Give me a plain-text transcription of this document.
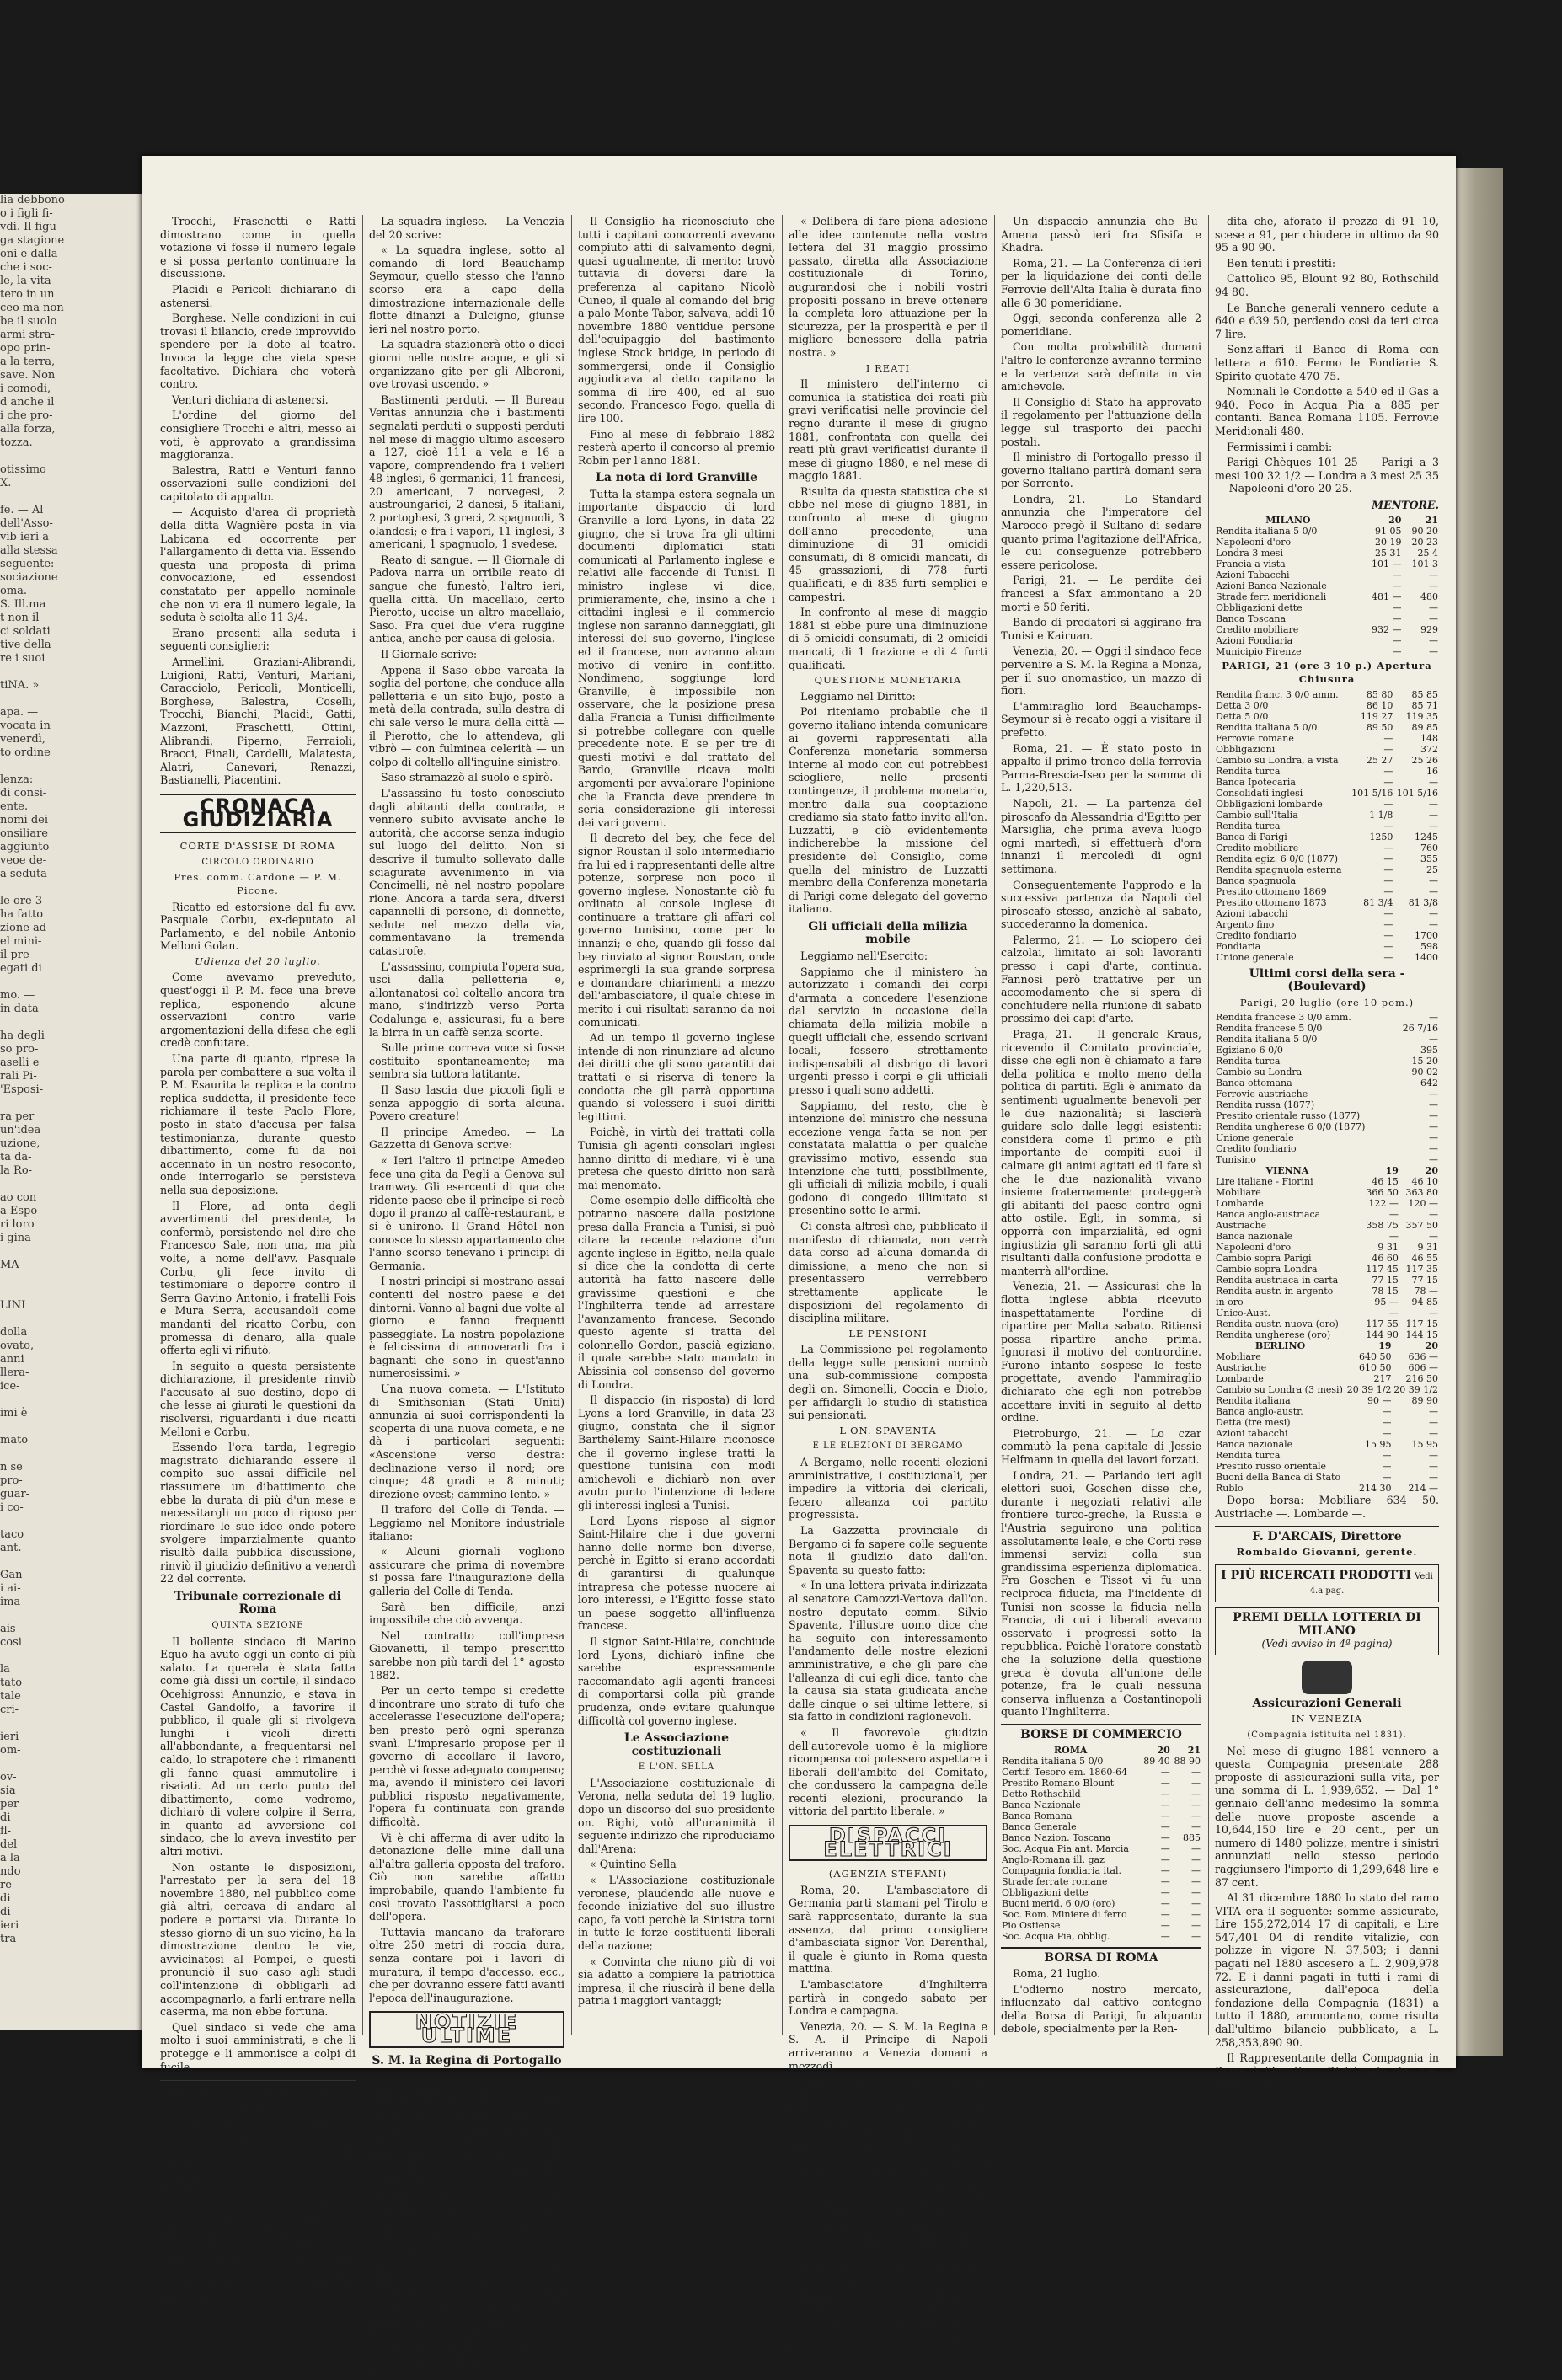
lia debbono

o i figli fi-

vdi. Il figu-

ga stagione

oni e dalla

che i soc-

le, la vita

tero in un

ceo ma non

be il suolo

armi stra-

opo prin-

a la terra,

save. Non

i comodi,

d anche il

i che pro-

alla forza,

tozza.

otissimo

X.

fe. — Al

dell'Asso-

vib ieri a

alla stessa

seguente:

sociazione

oma.

S. Ill.ma

t non il

ci soldati

tive della

re i suoi

tiNA. »

apa. —

vocata in

venerdì,

to ordine

lenza:

di consi-

ente.

nomi dei

onsiliare

aggiunto

veoe de-

a seduta

le ore 3

ha fatto

zione ad

el mini-

il pre-

egati di

mo. —

in data

ha degli

so pro-

aselli e

rali Pi-

'Esposi-

ra per

un'idea

uzione,

ta da-

la Ro-

ao con

a Espo-

ri loro

i gina-

MA

LINI

dolla

ovato,

anni

llera-

ice-

imi è

mato

n se

pro-

guar-

i co-

taco

ant.

Gan

i ai-

ima-

ais-

cosi

la

tato

tale

cri-

ieri

om-

ov-

sia

per

di

fl-

del

a la

ndo

re

di

di

ieri

tra

Trocchi, Fraschetti e Ratti dimostrano come in quella votazione vi fosse il numero legale e si possa pertanto continuare la discussione.

Placidi e Pericoli dichiarano di astenersi.

Borghese. Nelle condizioni in cui trovasi il bilancio, crede improvvido spendere per la dote al teatro. Invoca la legge che vieta spese facoltative. Dichiara che voterà contro.

Venturi dichiara di astenersi.

L'ordine del giorno del consigliere Trocchi e altri, messo ai voti, è approvato a grandissima maggioranza.

Balestra, Ratti e Venturi fanno osservazioni sulle condizioni del capitolato di appalto.

— Acquisto d'area di proprietà della ditta Wagnière posta in via Labicana ed occorrente per l'allargamento di detta via. Essendo questa una proposta di prima convocazione, ed essendosi constatato per appello nominale che non vi era il numero legale, la seduta è sciolta alle 11 3/4.

Erano presenti alla seduta i seguenti consiglieri:

Armellini, Graziani-Alibrandi, Luigioni, Ratti, Venturi, Mariani, Caracciolo, Pericoli, Monticelli, Borghese, Balestra, Coselli, Trocchi, Bianchi, Placidi, Gatti, Mazzoni, Fraschetti, Ottini, Alibrandi, Piperno, Ferraioli, Bracci, Finali, Cardelli, Malatesta, Alatri, Canevari, Renazzi, Bastianelli, Piacentini.

CRONACA GIUDIZIARIA
CORTE D'ASSISE DI ROMA
CIRCOLO ORDINARIO
Pres. comm. Cardone — P. M. Picone.

Ricatto ed estorsione dal fu avv. Pasquale Corbu, ex-deputato al Parlamento, e del nobile Antonio Melloni Golan.

Udienza del 20 luglio.

Come avevamo preveduto, quest'oggi il P. M. fece una breve replica, esponendo alcune osservazioni contro varie argomentazioni della difesa che egli credè confutare.

Una parte di quanto, riprese la parola per combattere a sua volta il P. M. Esaurita la replica e la contro replica suddetta, il presidente fece richiamare il teste Paolo Flore, posto in stato d'accusa per falsa testimonianza, durante questo dibattimento, come fu da noi accennato in un nostro resoconto, onde interrogarlo se persisteva nella sua deposizione.

Il Flore, ad onta degli avvertimenti del presidente, la confermò, persistendo nel dire che Francesco Sale, non una, ma più volte, a nome dell'avv. Pasquale Corbu, gli fece invito di testimoniare o deporre contro il Serra Gavino Antonio, i fratelli Fois e Mura Serra, accusandoli come mandanti del ricatto Corbu, con promessa di denaro, alla quale offerta egli vi rifiutò.

In seguito a questa persistente dichiarazione, il presidente rinviò l'accusato al suo destino, dopo di che lesse ai giurati le questioni da risolversi, riguardanti i due ricatti Melloni e Corbu.

Essendo l'ora tarda, l'egregio magistrato dichiarando essere il compito suo assai difficile nel riassumere un dibattimento che ebbe la durata di più d'un mese e necessitargli un poco di riposo per riordinare le sue idee onde potere svolgere imparzialmente quanto risultò dalla pubblica discussione, rinviò il giudizio definitivo a venerdì 22 del corrente.

Tribunale correzionale di Roma
QUINTA SEZIONE

Il bollente sindaco di Marino Equo ha avuto oggi un conto di più salato. La querela è stata fatta come già dissi un cortile, il sindaco Ocehigrossi Annunzio, e stava in Castel Gandolfo, a favorire il pubblico, il quale gli si rivolgeva lunghi i vicoli diretti all'abbondante, a frequentarsi nel caldo, lo strapotere che i rimanenti gli fanno quasi ammutolire i risaiati. Ad un certo punto del dibattimento, come vedremo, dichiarò di volere colpire il Serra, in quanto ad avversione col sindaco, che lo aveva investito per altri motivi.

Non ostante le disposizioni, l'arrestato per la sera del 18 novembre 1880, nel pubblico come già altri, cercava di andare al podere e portarsi via. Durante lo stesso giorno di un suo vicino, ha la dimostrazione dentro le vie, avvicinatosi al Pompei, e questi pronunciò il suo caso agli studi coll'intenzione di obbligarli ad accompagnarlo, a farli entrare nella caserma, ma non ebbe fortuna.

Quel sindaco si vede che ama molto i suoi amministrati, e che li protegge e li ammonisce a colpi di fucile.

NOTIZIE INTERNE E FATTI VARI

Giunta e prefetto. — Nel Pungolo di Napoli leggiamo:

« Ci mandano da Girgenti una notizia, che, se non ci venisse da sicura fonte, crederemmo una poco spiritosa invenzione.

Ci assicurano che quella Giunta municipale abbia spedito un ricorso al ministro per ottenere che sia traslocato sollecitamente il prefetto della provincia, senatore G. Tamajo, che essa Giunta dichiara incompatibile coi sentimenti del suoi amministrati.

La squadra inglese. — La Venezia del 20 scrive:

« La squadra inglese, sotto al comando di lord Beauchamp Seymour, quello stesso che l'anno scorso era a capo della dimostrazione internazionale delle flotte dinanzi a Dulcigno, giunse ieri nel nostro porto.

La squadra stazionerà otto o dieci giorni nelle nostre acque, e gli si organizzano gite per gli Alberoni, ove trovasi uscendo. »

Bastimenti perduti. — Il Bureau Veritas annunzia che i bastimenti segnalati perduti o supposti perduti nel mese di maggio ultimo ascesero a 127, cioè 111 a vela e 16 a vapore, comprendendo fra i velieri 48 inglesi, 6 germanici, 11 francesi, 20 americani, 7 norvegesi, 2 austroungarici, 2 danesi, 5 italiani, 2 portoghesi, 3 greci, 2 spagnuoli, 3 olandesi; e fra i vapori, 11 inglesi, 3 americani, 1 spagnuolo, 1 svedese.

Reato di sangue. — Il Giornale di Padova narra un orribile reato di sangue che funestò, l'altro ieri, quella città. Un macellaio, certo Pierotto, uccise un altro macellaio, Saso. Fra quei due v'era ruggine antica, anche per causa di gelosia.

Il Giornale scrive:

Appena il Saso ebbe varcata la soglia del portone, che conduce alla pelletteria e un sito bujo, posto a metà della contrada, sulla destra di chi sale verso le mura della città — il Pierotto, che lo attendeva, gli vibrò — con fulminea celerità — un colpo di coltello all'inguine sinistro.

Saso stramazzò al suolo e spirò.

L'assassino fu tosto conosciuto dagli abitanti della contrada, e vennero subito avvisate anche le autorità, che accorse senza indugio sul luogo del delitto. Non si descrive il tumulto sollevato dalle sciagurate avvenimento in via Concimelli, nè nel nostro popolare rione. Ancora a tarda sera, diversi capannelli di persone, di donnette, sedute nel mezzo della via, commentavano la tremenda catastrofe.

L'assassino, compiuta l'opera sua, uscì dalla pelletteria e, allontanatosi col coltello ancora tra mano, s'indirizzò verso Porta Codalunga e, assicurasi, fu a bere la birra in un caffè senza scorte.

Sulle prime correva voce si fosse costituito spontaneamente; ma sembra sia tuttora latitante.

Il Saso lascia due piccoli figli e senza appoggio di sorta alcuna. Povero creature!

Il principe Amedeo. — La Gazzetta di Genova scrive:

« Ieri l'altro il principe Amedeo fece una gita da Pegli a Genova sul tramway. Gli esercenti di qua che ridente paese ebe il principe si recò dopo il pranzo al caffè-restaurant, e si è unirono. Il Grand Hôtel non conosce lo stesso appartamento che l'anno scorso tenevano i principi di Germania.

I nostri principi si mostrano assai contenti del nostro paese e dei dintorni. Vanno al bagni due volte al giorno e fanno frequenti passeggiate. La nostra popolazione è felicissima di annoverarli fra i bagnanti che sono in quest'anno numerosissimi. »

Una nuova cometa. — L'Istituto di Smithsonian (Stati Uniti) annunzia ai suoi corrispondenti la scoperta di una nuova cometa, e ne dà i particolari seguenti: «Ascensione verso destra: declinazione verso il nord; ore cinque; 48 gradi e 8 minuti; direzione ovest; cammino lento. »

Il traforo del Colle di Tenda. — Leggiamo nel Monitore industriale italiano:

« Alcuni giornali vogliono assicurare che prima di novembre si possa fare l'inaugurazione della galleria del Colle di Tenda.

Sarà ben difficile, anzi impossibile che ciò avvenga.

Nel contratto coll'impresa Giovanetti, il tempo prescritto sarebbe non più tardi del 1° agosto 1882.

Per un certo tempo si credette d'incontrare uno strato di tufo che accelerasse l'esecuzione dell'opera; ben presto però ogni speranza svanì. L'impresario propose per il governo di accollare il lavoro, perchè vi fosse adeguato compenso; ma, avendo il ministero dei lavori pubblici risposto negativamente, l'opera fu continuata con grande difficoltà.

Vi è chi afferma di aver udito la detonazione delle mine dall'una all'altra galleria opposta del traforo. Ciò non sarebbe affatto improbabile, quando l'ambiente fu così trovato l'assottigliarsi a poco dell'opera.

Tuttavia mancano da traforare oltre 250 metri di roccia dura, senza contare poi i lavori di muratura, il tempo d'accesso, ecc., che per dovranno essere fatti avanti l'epoca dell'inaugurazione.

NOTIZIE ULTIME
S. M. la Regina di Portogallo

Con vivissima soddisfazione riproduciamo dai dispacci dell'Agenzia Stefani la seguente comunicazione, la quale smentisce le dicerie propagate da giornali stranieri e raccolte anche da una parte della stampa italiana circa la salute di S. M. la Regina Maria Pia, sorella del Re nostro:

Parigi, 21. — La legazione portoghese smentisce la notizia diffusa dal Figaro, della malattia di S. M. la Regina di Portogallo.

SOCCORSO AI NAUFRAGHI

Il Consiglio d'amministrazione della Società italiana per soccorso ai naufraghi nella sua seduta del 29 giugno p. p. ha deliberato di ammettere agli esami dei vari articoli, che dovranno concorrere al premio Robin 1880, come da notificazione del 20 marzo detto anno.

Il Consiglio ha riconosciuto che tutti i capitani concorrenti avevano compiuto atti di salvamento degni, quasi ugualmente, di merito: trovò tuttavia di doversi dare la preferenza al capitano Nicolò Cuneo, il quale al comando del brig a palo Monte Tabor, salvava, addì 10 novembre 1880 ventidue persone dell'equipaggio del bastimento inglese Stock bridge, in periodo di sommergersi, onde il Consiglio aggiudicava al detto capitano la somma di lire 400, ed al suo secondo, Francesco Fogo, quella di lire 100.

Fino al mese di febbraio 1882 resterà aperto il concorso al premio Robin per l'anno 1881.

La nota di lord Granville

Tutta la stampa estera segnala un importante dispaccio di lord Granville a lord Lyons, in data 22 giugno, che si trova fra gli ultimi documenti diplomatici stati comunicati al Parlamento inglese e relativi alle faccende di Tunisi. Il ministro inglese vi dice, primieramente, che, insino a che i cittadini inglesi e il commercio inglese non saranno danneggiati, gli interessi del suo governo, l'inglese ed il francese, non avranno alcun motivo di venire in conflitto. Nondimeno, soggiunge lord Granville, è impossibile non osservare, che la posizione presa dalla Francia a Tunisi difficilmente si potrebbe collegare con quelle precedente note. E se per tre di questi motivi e dal trattato del Bardo, Granville ricava molti argomenti per avvalorare l'opinione che la Francia deve prendere in seria considerazione gli interessi dei vari governi.

Il decreto del bey, che fece del signor Roustan il solo intermediario fra lui ed i rappresentanti delle altre potenze, sorprese non poco il governo inglese. Nonostante ciò fu ordinato al console inglese di continuare a trattare gli affari col governo tunisino, come per lo innanzi; e che, quando gli fosse dal bey rinviato al signor Roustan, onde esprimergli la sua grande sorpresa e domandare chiarimenti a mezzo dell'ambasciatore, il quale chiese in merito i cui risultati saranno da noi comunicati.

Ad un tempo il governo inglese intende di non rinunziare ad alcuno dei diritti che gli sono garantiti dai trattati e si riserva di tenere la condotta che gli parrà opportuna quando si volessero i suoi diritti legittimi.

Poichè, in virtù dei trattati colla Tunisia gli agenti consolari inglesi hanno diritto di mediare, vi è una pretesa che questo diritto non sarà mai menomato.

Come esempio delle difficoltà che potranno nascere dalla posizione presa dalla Francia a Tunisi, si può citare la recente relazione d'un agente inglese in Egitto, nella quale si dice che la condotta di certe autorità ha fatto nascere delle gravissime questioni e che l'Inghilterra tende ad arrestare l'avanzamento francese. Secondo questo agente si tratta del colonnello Gordon, pascià egiziano, il quale sarebbe stato mandato in Abissinia col consenso del governo di Londra.

Il dispaccio (in risposta) di lord Lyons a lord Granville, in data 23 giugno, constata che il signor Barthélemy Saint-Hilaire riconosce che il governo inglese tratti la questione tunisina con modi amichevoli e dichiarò non aver avuto punto l'intenzione di ledere gli interessi inglesi a Tunisi.

Lord Lyons rispose al signor Saint-Hilaire che i due governi hanno delle norme ben diverse, perchè in Egitto si erano accordati di garantirsi di qualunque intrapresa che potesse nuocere ai loro interessi, e l'Egitto fosse stato un paese soggetto all'influenza francese.

Il signor Saint-Hilaire, conchiude lord Lyons, dichiarò infine che sarebbe espressamente raccomandato agli agenti francesi di comportarsi colla più grande prudenza, onde evitare qualunque difficoltà col governo inglese.

Le Associazione costituzionali
E L'ON. SELLA

L'Associazione costituzionale di Verona, nella seduta del 19 luglio, dopo un discorso del suo presidente on. Righi, votò all'unanimità il seguente indirizzo che riproduciamo dall'Arena:

« Quintino Sella

« L'Associazione costituzionale veronese, plaudendo alle nuove e feconde iniziative del suo illustre capo, fa voti perchè la Sinistra torni in tutte le forze costituenti liberali della nazione;

« Convinta che niuno più di voi sia adatto a compiere la patriottica impresa, il che riuscirà il bene della patria i maggiori vantaggi;

« Delibera di fare piena adesione alle idee contenute nella vostra lettera del 31 maggio prossimo passato, diretta alla Associazione costituzionale di Torino, augurandosi che i nobili vostri propositi possano in breve ottenere la completa loro attuazione per la sicurezza, per la prosperità e per il migliore benessere della patria nostra. »

I REATI

Il ministero dell'interno ci comunica la statistica dei reati più gravi verificatisi nelle provincie del regno durante il mese di giugno 1881, confrontata con quella dei reati più gravi verificatisi durante il mese di giugno 1880, e nel mese di maggio 1881.

Risulta da questa statistica che si ebbe nel mese di giugno 1881, in confronto al mese di giugno dell'anno precedente, una diminuzione di 31 omicidi consumati, di 8 omicidi mancati, di 45 grassazioni, di 778 furti qualificati, e di 835 furti semplici e campestri.

In confronto al mese di maggio 1881 si ebbe pure una diminuzione di 5 omicidi consumati, di 2 omicidi mancati, di 1 frazione e di 4 furti qualificati.

QUESTIONE MONETARIA

Leggiamo nel Diritto:

Poi riteniamo probabile che il governo italiano intenda comunicare ai governi rappresentati alla Conferenza monetaria sommersa interne al modo con cui potrebbesi sciogliere, nelle presenti contingenze, il problema monetario, mentre dalla sua cooptazione crediamo sia stato fatto invito all'on. Luzzatti, e ciò evidentemente indicherebbe la missione del presidente del Consiglio, come quella del ministro de Luzzatti membro della Conferenza monetaria di Parigi come delegato del governo italiano.

Gli ufficiali della milizia mobile

Leggiamo nell'Esercito:

Sappiamo che il ministero ha autorizzato i comandi dei corpi d'armata a concedere l'esenzione dal servizio in occasione della chiamata della milizia mobile a quegli ufficiali che, essendo scrivani locali, fossero strettamente indispensabili al disbrigo di lavori urgenti presso i corpi e gli ufficiali presso i quali sono addetti.

Sappiamo, del resto, che è intenzione del ministro che nessuna eccezione venga fatta se non per constatata malattia o per qualche gravissimo motivo, essendo sua intenzione che tutti, possibilmente, gli ufficiali di milizia mobile, i quali godono di congedo illimitato si presentino sotto le armi.

Ci consta altresì che, pubblicato il manifesto di chiamata, non verrà data corso ad alcuna domanda di dimissione, a meno che non si presentassero verrebbero strettamente applicate le disposizioni del regolamento di disciplina militare.

LE PENSIONI

La Commissione pel regolamento della legge sulle pensioni nominò una sub-commissione composta degli on. Simonelli, Coccia e Diolo, per affidargli lo studio di statistica sui pensionati.

L'ON. SPAVENTA
E LE ELEZIONI DI BERGAMO

A Bergamo, nelle recenti elezioni amministrative, i costituzionali, per impedire la vittoria dei clericali, fecero alleanza coi partito progressista.

La Gazzetta provinciale di Bergamo ci fa sapere colle seguente nota il giudizio dato dall'on. Spaventa su questo fatto:

« In una lettera privata indirizzata al senatore Camozzi-Vertova dall'on. nostro deputato comm. Silvio Spaventa, l'illustre uomo dice che ha seguito con interessamento l'andamento delle nostre elezioni amministrative, e che gli pare che l'alleanza di cui egli dice, tanto che la causa sia stata giudicata anche dalle cinque o sei ultime lettere, si sia fatto in condizioni ragionevoli.

« Il favorevole giudizio dell'autorevole uomo è la migliore ricompensa coi potessero aspettare i liberali dell'ambito del Comitato, che condussero la campagna delle recenti elezioni, procurando la vittoria del partito liberale. »

DISPACCI ELETTRICI
(AGENZIA STEFANI)

Roma, 20. — L'ambasciatore di Germania parti stamani pel Tirolo e sarà rappresentato, durante la sua assenza, dal primo consigliere d'ambasciata signor Von Derenthal, il quale è giunto in Roma questa mattina.

L'ambasciatore d'Inghilterra partirà in congedo sabato per Londra e campagna.

Venezia, 20. — S. M. la Regina e S. A. il Principe di Napoli arriveranno a Venezia domani a mezzodì.

Milano, 20. — Nell'occasione dell'onomastico della Regina, i Principi e le Case civili e militari le offrirono mazzi di fiori. La Giunta municipale di Milano recossi a Monza in nome della città per complimentare Sua Maestà. I membri della Giunta furono invitati a colazione. Alle ore sei vi è stato pranzo di Corte coll'intervento delle Case civili e militari. Monza è imbandierata e festante. Questa sera vi saranno illuminazioni e musiche.

Napoli, 20. — È arrivata la fregata russa Nasestick.

Parigi, 20. — Una lettera del segretario di Alberto Grévy conferma che i rapporti fra il generale Saussier e il governatore Grévy furono sempre eccellenti.

Un dispaccio annunzia che Bu-Amena passò ieri fra Sfisifa e Khadra.

Roma, 21. — La Conferenza di ieri per la liquidazione dei conti delle Ferrovie dell'Alta Italia è durata fino alle 6 30 pomeridiane.

Oggi, seconda conferenza alle 2 pomeridiane.

Con molta probabilità domani l'altro le conferenze avranno termine e la vertenza sarà definita in via amichevole.

Il Consiglio di Stato ha approvato il regolamento per l'attuazione della legge sul trasporto dei pacchi postali.

Il ministro di Portogallo presso il governo italiano partirà domani sera per Sorrento.

Londra, 21. — Lo Standard annunzia che l'imperatore del Marocco pregò il Sultano di sedare quanto prima l'agitazione dell'Africa, le cui conseguenze potrebbero essere pericolose.

Parigi, 21. — Le perdite dei francesi a Sfax ammontano a 20 morti e 50 feriti.

Bando di predatori si aggirano fra Tunisi e Kairuan.

Venezia, 20. — Oggi il sindaco fece pervenire a S. M. la Regina a Monza, per il suo onomastico, un mazzo di fiori.

L'ammiraglio lord Beauchamps-Seymour si è recato oggi a visitare il prefetto.

Roma, 21. — È stato posto in appalto il primo tronco della ferrovia Parma-Brescia-Iseo per la somma di L. 1,220,513.

Napoli, 21. — La partenza del piroscafo da Alessandria d'Egitto per Marsiglia, che prima aveva luogo ogni martedì, si effettuerà d'ora innanzi il mercoledì di ogni settimana.

Conseguentemente l'approdo e la successiva partenza da Napoli del piroscafo stesso, anzichè al sabato, succederanno la domenica.

Palermo, 21. — Lo sciopero dei calzolai, limitato ai soli lavoranti presso i capi d'arte, continua. Fannosi però trattative per un accomodamento che si spera di conchiudere nella riunione di sabato prossimo dei capi d'arte.

Praga, 21. — Il generale Kraus, ricevendo il Comitato provinciale, disse che egli non è chiamato a fare della politica e molto meno della politica di partiti. Egli è animato da sentimenti ugualmente benevoli per le due nazionalità; si lascierà guidare solo dalle leggi esistenti: considera come il primo e più importante de' compiti suoi il calmare gli animi agitati ed il fare sì che le due nazionalità vivano insieme fraternamente: proteggerà gli abitanti del paese contro ogni atto ostile. Egli, in somma, si opporrà con imparzialità, ed ogni ingiustizia gli saranno forti gli atti risultanti dalla confusione prodotta e manterrà all'ordine.

Venezia, 21. — Assicurasi che la flotta inglese abbia ricevuto inaspettatamente l'ordine di ripartire per Malta sabato. Ritiensi possa ripartire anche prima. Ignorasi il motivo del contrordine. Furono intanto sospese le feste progettate, avendo l'ammiraglio dichiarato che egli non potrebbe accettare inviti in seguito al detto ordine.

Pietroburgo, 21. — Lo czar commutò la pena capitale di Jessie Helfmann in quella dei lavori forzati.

Londra, 21. — Parlando ieri agli elettori suoi, Goschen disse che, durante i negoziati relativi alle frontiere turco-greche, la Russia e l'Austria seguirono una politica assolutamente leale, e che Corti rese immensi servizi colla sua grandissima esperienza diplomatica. Fra Goschen e Tissot vi fu una reciproca fiducia, ma l'incidente di Tunisi non scosse la fiducia nella Francia, di cui i liberali avevano osservato i progressi sotto la repubblica. Poichè l'oratore constatò che la soluzione della questione greca è dovuta all'unione delle potenze, fra le quali nessuna conserva influenza a Costantinopoli quanto l'Inghilterra.

BORSE DI COMMERCIO
ROMA	20	21
Rendita italiana 5 0/0	89 40	88 90
Certif. Tesoro em. 1860-64	—	—
Prestito Romano Blount	—	—
Detto Rothschild	—	—
Banca Nazionale	—	—
Banca Romana	—	—
Banca Generale	—	—
Banca Nazion. Toscana	—	885
Soc. Acqua Pia ant. Marcia	—	—
Anglo-Romana ill. gaz	—	—
Compagnia fondiaria ital.	—	—
Strade ferrate romane	—	—
Obbligazioni dette	—	—
Buoni merid. 6 0/0 (oro)	—	—
Soc. Rom. Miniere di ferro	—	—
Pio Ostiense	—	—
Soc. Acqua Pia, obblig.	—	—
BORSA DI ROMA

Roma, 21 luglio.

L'odierno nostro mercato, influenzato dal cattivo contegno della Borsa di Parigi, fu alquanto debole, specialmente per la Ren-

dita che, aforato il prezzo di 91 10, scese a 91, per chiudere in ultimo da 90 95 a 90 90.

Ben tenuti i prestiti:

Cattolico 95, Blount 92 80, Rothschild 94 80.

Le Banche generali vennero cedute a 640 e 639 50, perdendo così da ieri circa 7 lire.

Senz'affari il Banco di Roma con lettera a 610. Fermo le Fondiarie S. Spirito quotate 470 75.

Nominali le Condotte a 540 ed il Gas a 940. Poco in Acqua Pia a 885 per contanti. Banca Romana 1105. Ferrovie Meridionali 480.

Fermissimi i cambi:

Parigi Chèques 101 25 — Parigi a 3 mesi 100 32 1/2 — Londra a 3 mesi 25 35 — Napoleoni d'oro 20 25.

MENTORE.
MILANO	20	21
Rendita italiana 5 0/0	91 05	90 20
Napoleoni d'oro	20 19	20 23
Londra 3 mesi	25 31	25 4
Francia a vista	101 —	101 3
Azioni Tabacchi	—	—
Azioni Banca Nazionale	—	—
Strade ferr. meridionali	481 —	480
Obbligazioni dette	—	—
Banca Toscana	—	—
Credito mobiliare	932 —	929
Azioni Fondiaria	—	—
Municipio Firenze	—	—
PARIGI, 21 (ore 3 10 p.) Apertura Chiusura
Rendita franc. 3 0/0 amm.	85 80	85 85
Detta 3 0/0	86 10	85 71
Detta 5 0/0	119 27	119 35
Rendita italiana 5 0/0	89 50	89 85
Ferrovie romane	—	148
Obbligazioni	—	372
Cambio su Londra, a vista	25 27	25 26
Rendita turca	—	16
Banca Ipotecaria	—	—
Consolidati inglesi	101 5/16	101 5/16
Obbligazioni lombarde	—	—
Cambio sull'Italia	1 1/8	—
Rendita turca	—	—
Banca di Parigi	1250	1245
Credito mobiliare	—	760
Rendita egiz. 6 0/0 (1877)	—	355
Rendita spagnuola esterna	—	25
Banca spagnuola	—	—
Prestito ottomano 1869	—	—
Prestito ottomano 1873	81 3/4	81 3/8
Azioni tabacchi	—	—
Argento fino	—	—
Credito fondiario	—	1700
Fondiaria	—	598
Unione generale	—	1400
Ultimi corsi della sera - (Boulevard)
Parigi, 20 luglio (ore 10 pom.)
Rendita francese 3 0/0 amm.	—
Rendita francese 5 0/0	26 7/16
Rendita italiana 5 0/0	—
Egiziano 6 0/0	395
Rendita turca	15 20
Cambio su Londra	90 02
Banca ottomana	642
Ferrovie austriache	—
Rendita russa (1877)	—
Prestito orientale russo (1877)	—
Rendita ungherese 6 0/0 (1877)	—
Unione generale	—
Credito fondiario	—
Tunisino	—
VIENNA	19	20
Lire italiane - Fiorini	46 15	46 10
Mobiliare	366 50	363 80
Lombarde	122 —	120 —
Banca anglo-austriaca	—	—
Austriache	358 75	357 50
Banca nazionale	—	—
Napoleoni d'oro	9 31	9 31
Cambio sopra Parigi	46 60	46 55
Cambio sopra Londra	117 45	117 35
Rendita austriaca in carta	77 15	77 15
Rendita austr. in argento	78 15	78 —
in oro	95 —	94 85
Unico-Aust.	—	—
Rendita austr. nuova (oro)	117 55	117 15
Rendita ungherese (oro)	144 90	144 15
BERLINO	19	20
Mobiliare	640 50	636 —
Austriache	610 50	606 —
Lombarde	217	216 50
Cambio su Londra (3 mesi)	20 39 1/2	20 39 1/2
Rendita italiana	90 —	89 90
Banca anglo-austr.	—	—
Detta (tre mesi)	—	—
Azioni tabacchi	—	—
Banca nazionale	15 95	15 95
Rendita turca	—	—
Prestito russo orientale	—	—
Buoni della Banca di Stato	—	—
Rublo	214 30	214 —

Dopo borsa: Mobiliare 634 50. Austriache —. Lombarde —.

F. D'ARCAIS, Direttore
Rombaldo Giovanni, gerente.
I PIÙ RICERCATI PRODOTTI Vedi 4.a pag.
PREMI DELLA LOTTERIA DI MILANO
(Vedi avviso in 4ª pagina)
Assicurazioni Generali
IN VENEZIA
(Compagnia istituita nel 1831).

Nel mese di giugno 1881 vennero a questa Compagnia presentate 288 proposte di assicurazioni sulla vita, per una somma di L. 1,939,652. — Dal 1° gennaio dell'anno medesimo la somma delle nuove proposte ascende a 10,644,150 lire e 20 cent., per un numero di 1480 polizze, mentre i sinistri annunziati nello stesso periodo raggiunsero l'importo di 1,299,648 lire e 87 cent.

Al 31 dicembre 1880 lo stato del ramo VITA era il seguente: somme assicurate, Lire 155,272,014 17 di capitali, e Lire 547,401 04 di rendite vitalizie, con polizze in vigore N. 37,503; i danni pagati nel 1880 ascesero a L. 2,909,978 72. E i danni pagati in tutti i rami di assicurazione, dall'epoca della fondazione della Compagnia (1831) a tutto il 1880, ammontano, come risulta dall'ultimo bilancio pubblicato, a L. 258,353,890 90.

Il Rappresentante della Compagnia in Roma è l'Ispettore Divisionale sig. cav. Marino Morelli, via del Corso, n. 117.

Tipografia dell' Opinione.
